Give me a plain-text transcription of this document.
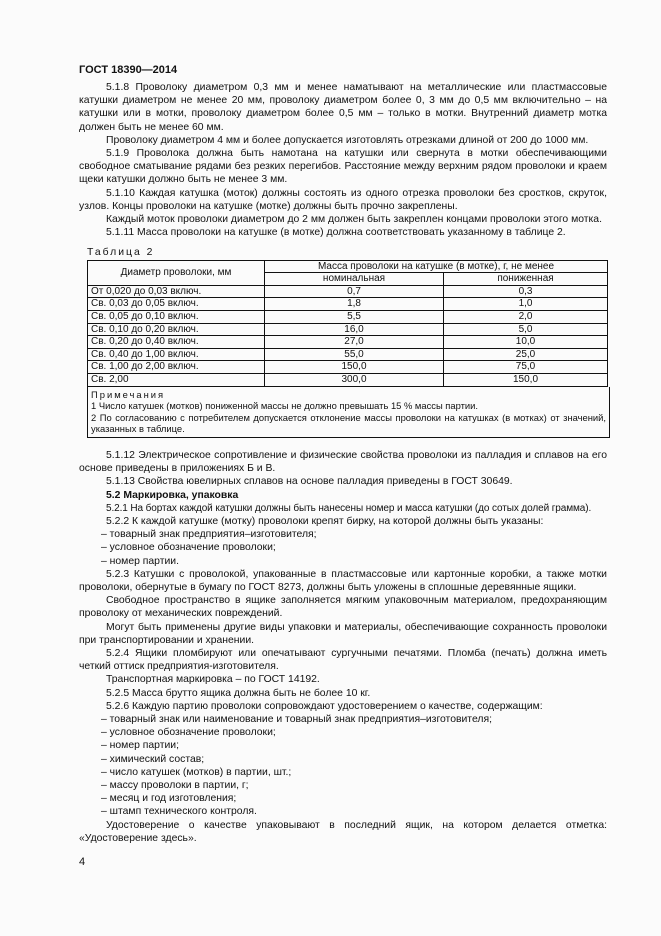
ГОСТ 18390—2014

5.1.8 Проволоку диаметром 0,3 мм и менее наматывают на металлические или пластмассовые катушки диаметром не менее 20 мм, проволоку диаметром более 0, 3 мм до 0,5 мм включительно – на катушки или в мотки, проволоку диаметром более 0,5 мм – только в мотки. Внутренний диаметр мотка должен быть не менее 60 мм.

Проволоку диаметром 4 мм и более допускается изготовлять отрезками длиной от 200 до 1000 мм.

5.1.9 Проволока должна быть намотана на катушки или свернута в мотки обеспечивающими свободное сматывание рядами без резких перегибов. Расстояние между верхним рядом проволоки и краем щеки катушки должно быть не менее 3 мм.

5.1.10 Каждая катушка (моток) должны состоять из одного отрезка проволоки без сростков, скруток, узлов. Концы проволоки на катушке (мотке) должны быть прочно закреплены.

Каждый моток проволоки диаметром до 2 мм должен быть закреплен концами проволоки этого мотка.

5.1.11 Масса проволоки на катушке (в мотке) должна соответствовать указанному в таблице 2.

Таблица 2
Диаметр проволоки, мм	Масса проволоки на катушке (в мотке), г, не менее	
	номинальная	пониженная
От 0,020 до 0,03 включ.	0,7	0,3
Св. 0,03 до 0,05 включ.	1,8	1,0
Св. 0,05 до 0,10 включ.	5,5	2,0
Св. 0,10 до 0,20 включ.	16,0	5,0
Св. 0,20 до 0,40 включ.	27,0	10,0
Св. 0,40 до 1,00 включ.	55,0	25,0
Св. 1,00 до 2,00 включ.	150,0	75,0
Св. 2,00	300,0	150,0
Примечания

1 Число катушек (мотков) пониженной массы не должно превышать 15 % массы партии.

2 По согласованию с потребителем допускается отклонение массы проволоки на катушках (в мотках) от значений, указанных в таблице.

5.1.12 Электрическое сопротивление и физические свойства проволоки из палладия и сплавов на его основе приведены в приложениях Б и В.

5.1.13 Свойства ювелирных сплавов на основе палладия приведены в ГОСТ 30649.

5.2 Маркировка, упаковка

5.2.1 На бортах каждой катушки должны быть нанесены номер и масса катушки (до сотых долей грамма).

5.2.2 К каждой катушке (мотку) проволоки крепят бирку, на которой должны быть указаны:

– товарный знак предприятия–изготовителя;

– условное обозначение проволоки;

– номер партии.

5.2.3 Катушки с проволокой, упакованные в пластмассовые или картонные коробки, а также мотки проволоки, обернутые в бумагу по ГОСТ 8273, должны быть уложены в сплошные деревянные ящики.

Свободное пространство в ящике заполняется мягким упаковочным материалом, предохраняющим проволоку от механических повреждений.

Могут быть применены другие виды упаковки и материалы, обеспечивающие сохранность проволоки при транспортировании и хранении.

5.2.4 Ящики пломбируют или опечатывают сургучными печатями. Пломба (печать) должна иметь четкий оттиск предприятия-изготовителя.

Транспортная маркировка – по ГОСТ 14192.

5.2.5 Масса брутто ящика должна быть не более 10 кг.

5.2.6 Каждую партию проволоки сопровождают удостоверением о качестве, содержащим:

– товарный знак или наименование и товарный знак предприятия–изготовителя;

– условное обозначение проволоки;

– номер партии;

– химический состав;

– число катушек (мотков) в партии, шт.;

– массу проволоки в партии, г;

– месяц и год изготовления;

– штамп технического контроля.

Удостоверение о качестве упаковывают в последний ящик, на котором делается отметка: «Удостоверение здесь».

4
